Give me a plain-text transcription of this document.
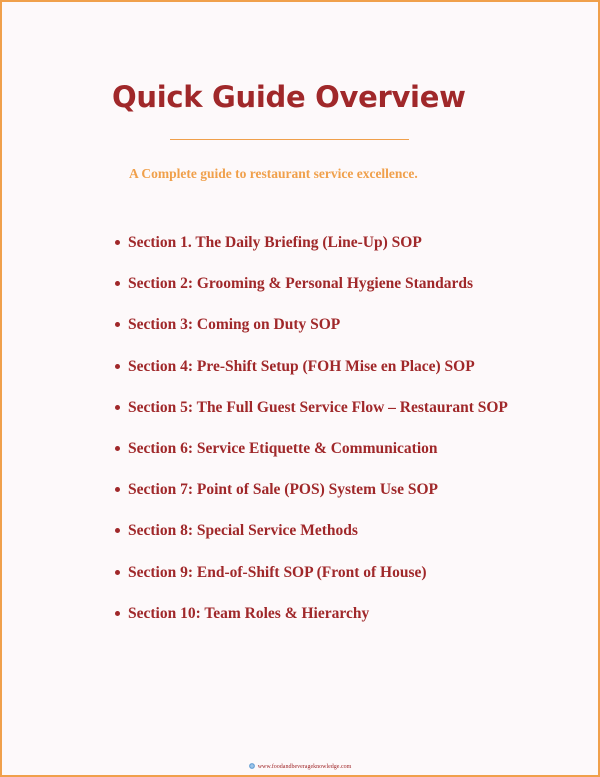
Quick Guide Overview

A Complete guide to restaurant service excellence.

Section 1. The Daily Briefing (Line-Up) SOP
Section 2: Grooming & Personal Hygiene Standards
Section 3: Coming on Duty SOP
Section 4: Pre-Shift Setup (FOH Mise en Place) SOP
Section 5: The Full Guest Service Flow – Restaurant SOP
Section 6: Service Etiquette & Communication
Section 7: Point of Sale (POS) System Use SOP
Section 8: Special Service Methods
Section 9: End-of-Shift SOP (Front of House)
Section 10: Team Roles & Hierarchy
www.foodandbeverageknowledge.com
